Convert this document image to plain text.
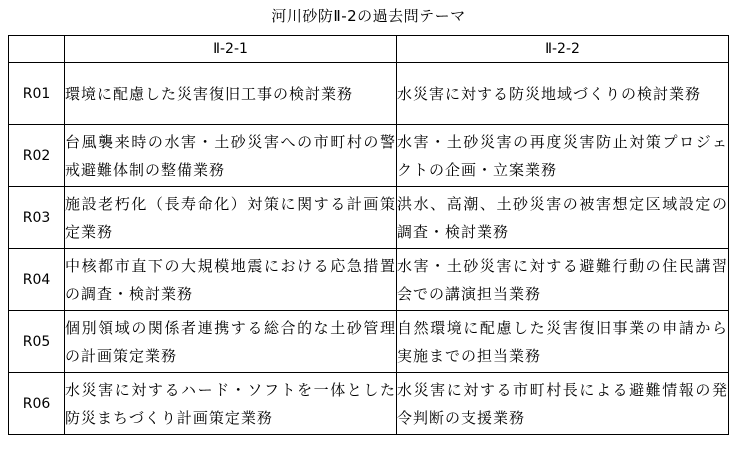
河川砂防Ⅱ-2の過去問テーマ
	Ⅱ-2-1	Ⅱ-2-2
R01	環境に配慮した災害復旧工事の検討業務	水災害に対する防災地域づくりの検討業務
R02	台風襲来時の水害・土砂災害への市町村の警戒避難体制の整備業務	水害・土砂災害の再度災害防止対策プロジェクトの企画・立案業務
R03	施設老朽化（長寿命化）対策に関する計画策定業務	洪水、高潮、土砂災害の被害想定区域設定の調査・検討業務
R04	中核都市直下の大規模地震における応急措置の調査・検討業務	水害・土砂災害に対する避難行動の住民講習会での講演担当業務
R05	個別領域の関係者連携する総合的な土砂管理の計画策定業務	自然環境に配慮した災害復旧事業の申請から実施までの担当業務
R06	水災害に対するハード・ソフトを一体とした防災まちづくり計画策定業務	水災害に対する市町村長による避難情報の発令判断の支援業務
